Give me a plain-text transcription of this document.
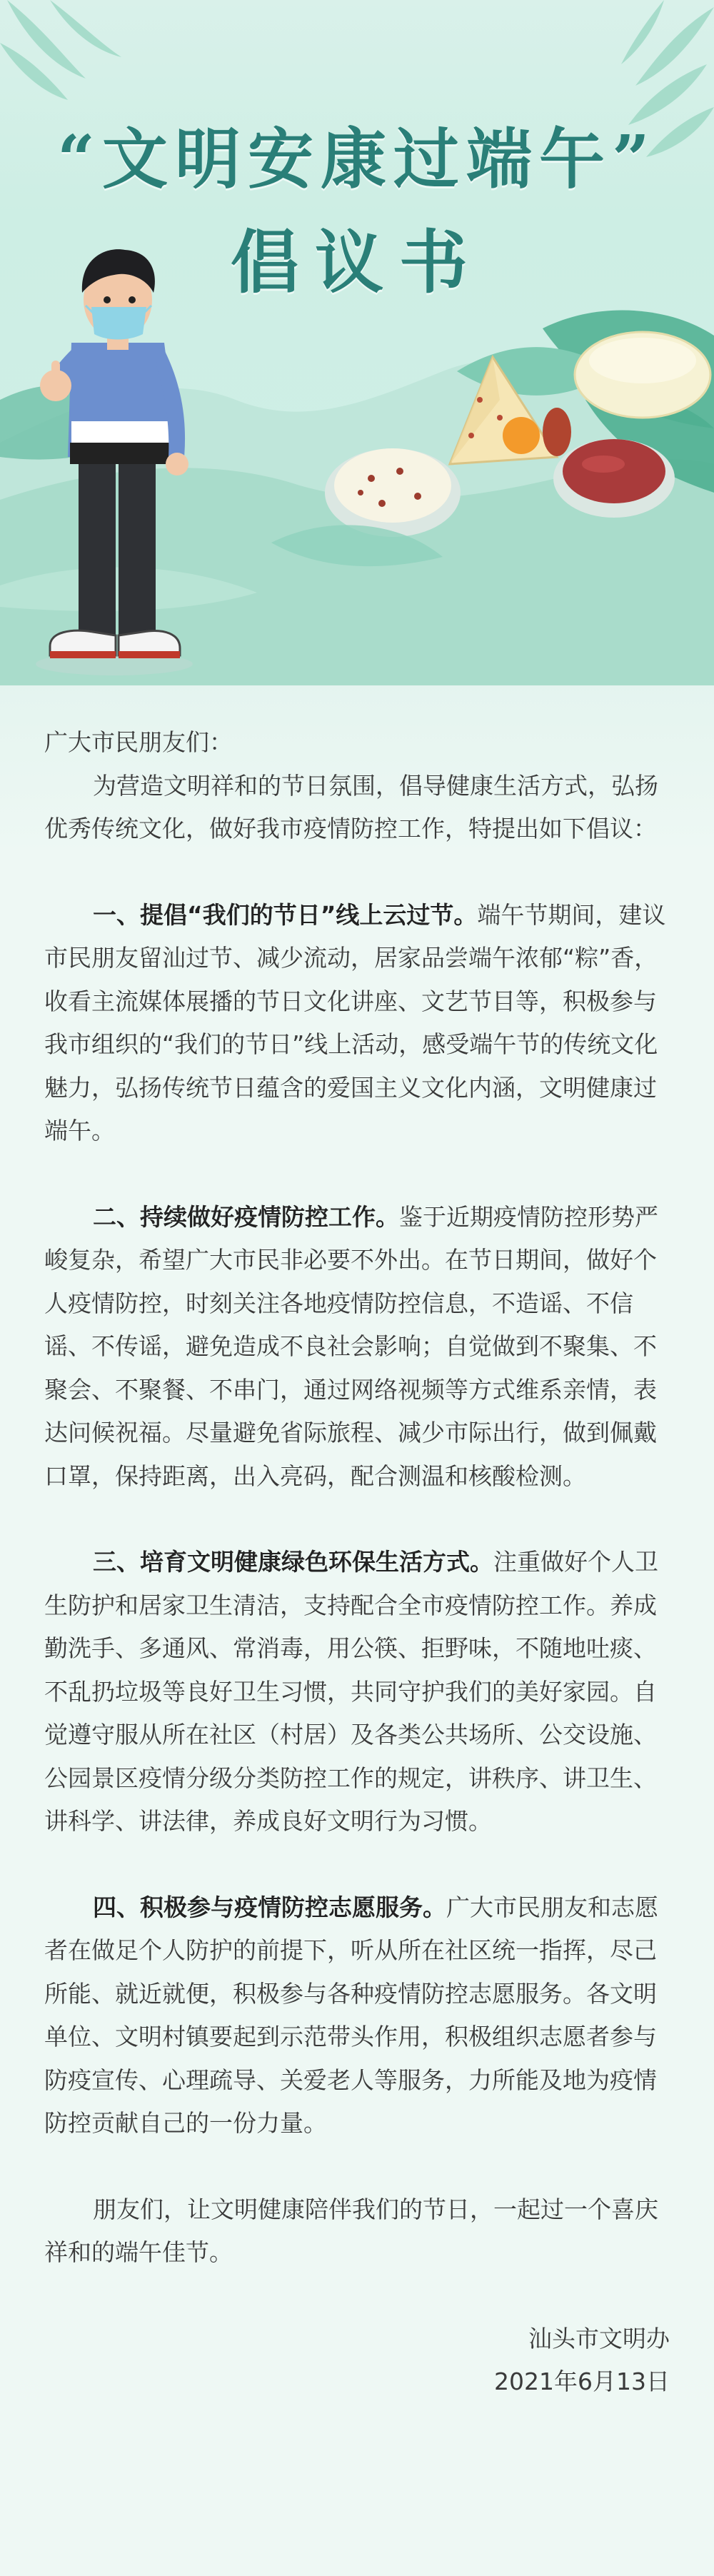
“文明安康过端午”
倡议书

广大市民朋友们：

为营造文明祥和的节日氛围，倡导健康生活方式，弘扬优秀传统文化，做好我市疫情防控工作，特提出如下倡议：

一、提倡“我们的节日”线上云过节。端午节期间，建议市民朋友留汕过节、减少流动，居家品尝端午浓郁“粽”香，收看主流媒体展播的节日文化讲座、文艺节目等，积极参与我市组织的“我们的节日”线上活动，感受端午节的传统文化魅力，弘扬传统节日蕴含的爱国主义文化内涵，文明健康过端午。

二、持续做好疫情防控工作。鉴于近期疫情防控形势严峻复杂，希望广大市民非必要不外出。在节日期间，做好个人疫情防控，时刻关注各地疫情防控信息，不造谣、不信谣、不传谣，避免造成不良社会影响；自觉做到不聚集、不聚会、不聚餐、不串门，通过网络视频等方式维系亲情，表达问候祝福。尽量避免省际旅程、减少市际出行，做到佩戴口罩，保持距离，出入亮码，配合测温和核酸检测。

三、培育文明健康绿色环保生活方式。注重做好个人卫生防护和居家卫生清洁，支持配合全市疫情防控工作。养成勤洗手、多通风、常消毒，用公筷、拒野味，不随地吐痰、不乱扔垃圾等良好卫生习惯，共同守护我们的美好家园。自觉遵守服从所在社区（村居）及各类公共场所、公交设施、公园景区疫情分级分类防控工作的规定，讲秩序、讲卫生、讲科学、讲法律，养成良好文明行为习惯。

四、积极参与疫情防控志愿服务。广大市民朋友和志愿者在做足个人防护的前提下，听从所在社区统一指挥，尽己所能、就近就便，积极参与各种疫情防控志愿服务。各文明单位、文明村镇要起到示范带头作用，积极组织志愿者参与防疫宣传、心理疏导、关爱老人等服务，力所能及地为疫情防控贡献自己的一份力量。

朋友们，让文明健康陪伴我们的节日，一起过一个喜庆祥和的端午佳节。

汕头市文明办

2021年6月13日
